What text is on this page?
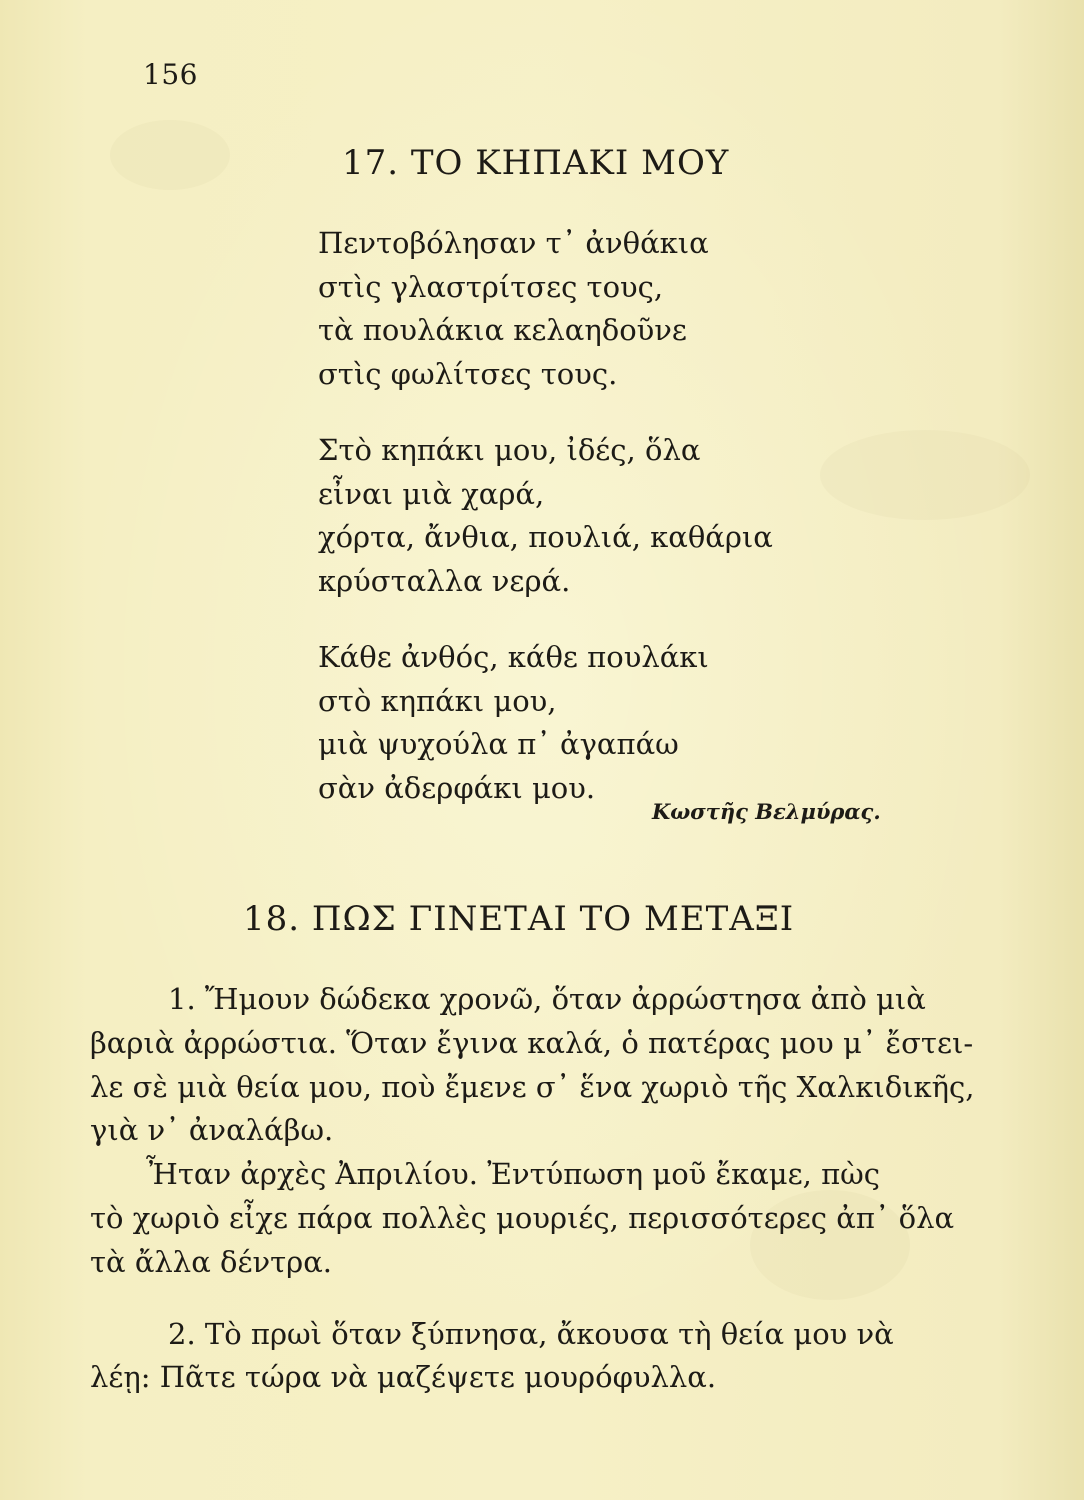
156
17. ΤΟ ΚΗΠΑΚΙ ΜΟΥ
Πεντοβόλησαν τ᾽ ἀνθάκια
στὶς γλαστρίτσες τους,
τὰ πουλάκια κελαηδοῦνε
στὶς φωλίτσες τους.
Στὸ κηπάκι μου, ἰδές, ὅλα
εἶναι μιὰ χαρά,
χόρτα, ἄνθια, πουλιά, καθάρια
κρύσταλλα νερά.
Κάθε ἀνθός, κάθε πουλάκι
στὸ κηπάκι μου,
μιὰ ψυχούλα π᾽ ἀγαπάω
σὰν ἀδερφάκι μου.
Κωστῆς Βελμύρας.
18. ΠΩΣ ΓΙΝΕΤΑΙ ΤΟ ΜΕΤΑΞΙ
1. Ἤμουν δώδεκα χρονῶ, ὅταν ἀρρώστησα ἀπὸ μιὰ
βαριὰ ἀρρώστια. Ὅταν ἔγινα καλά, ὁ πατέρας μου μ᾽ ἔστει-
λε σὲ μιὰ θεία μου, ποὺ ἔμενε σ᾽ ἕνα χωριὸ τῆς Χαλκιδικῆς,
γιὰ ν᾽ ἀναλάβω.
Ἦταν ἀρχὲς Ἀπριλίου. Ἐντύπωση μοῦ ἔκαμε, πὼς
τὸ χωριὸ εἶχε πάρα πολλὲς μουριές, περισσότερες ἀπ᾽ ὅλα
τὰ ἄλλα δέντρα.
2. Τὸ πρωὶ ὅταν ξύπνησα, ἄκουσα τὴ θεία μου νὰ
λέῃ: Πᾶτε τώρα νὰ μαζέψετε μουρόφυλλα.
